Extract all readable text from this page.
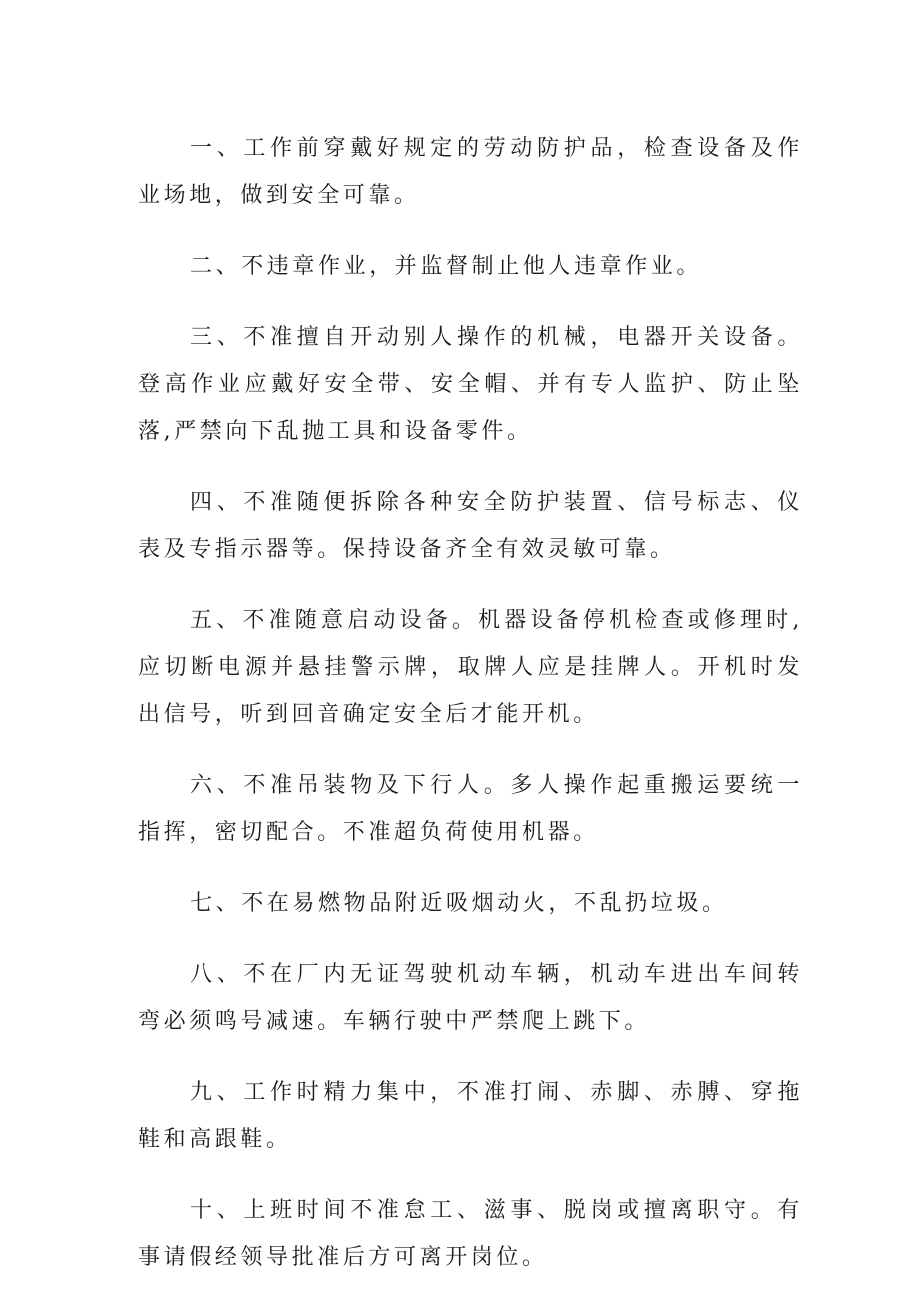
一、工作前穿戴好规定的劳动防护品，检查设备及作业场地，做到安全可靠。

二、不违章作业，并监督制止他人违章作业。

三、不准擅自开动别人操作的机械，电器开关设备。登高作业应戴好安全带、安全帽、并有专人监护、防止坠落,严禁向下乱抛工具和设备零件。

四、不准随便拆除各种安全防护装置、信号标志、仪表及专指示器等。保持设备齐全有效灵敏可靠。

五、不准随意启动设备。机器设备停机检查或修理时,应切断电源并悬挂警示牌，取牌人应是挂牌人。开机时发出信号，听到回音确定安全后才能开机。

六、不准吊装物及下行人。多人操作起重搬运要统一指挥，密切配合。不准超负荷使用机器。

七、不在易燃物品附近吸烟动火，不乱扔垃圾。

八、不在厂内无证驾驶机动车辆，机动车进出车间转弯必须鸣号减速。车辆行驶中严禁爬上跳下。

九、工作时精力集中，不准打闹、赤脚、赤膊、穿拖鞋和高跟鞋。

十、上班时间不准怠工、滋事、脱岗或擅离职守。有事请假经领导批准后方可离开岗位。
